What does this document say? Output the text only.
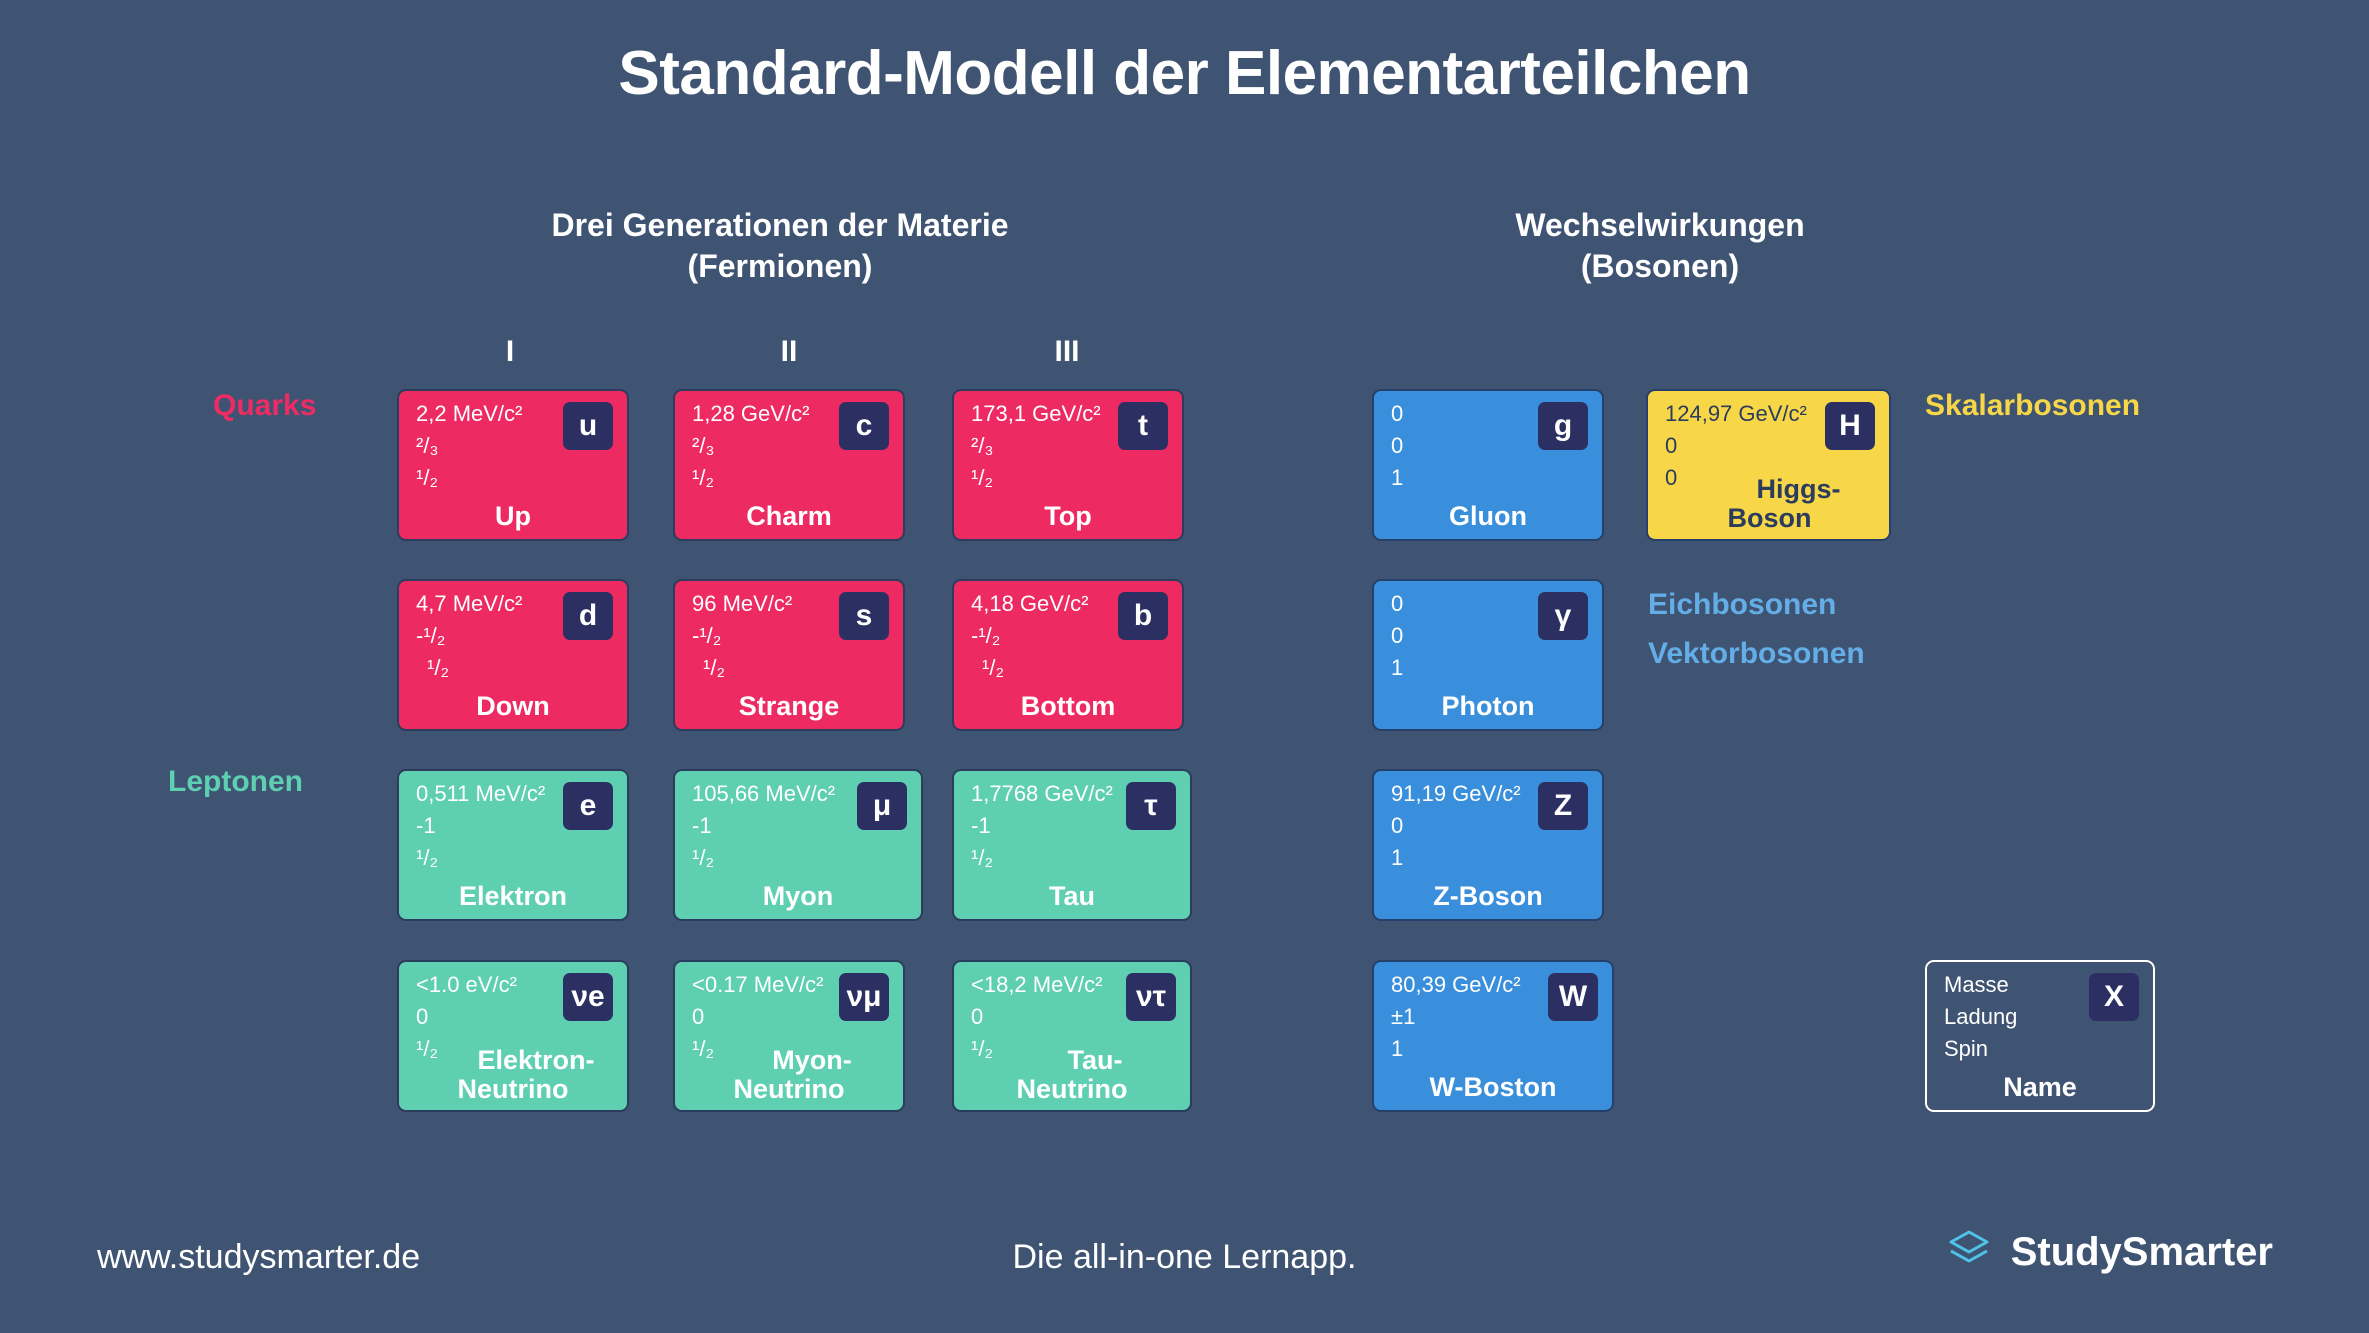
Standard-Modell der Elementarteilchen
Drei Generationen der Materie
(Fermionen)
Wechselwirkungen
(Bosonen)
I	II	III
Quarks
Leptonen
Skalarbosonen
Eichbosonen
Vektorbosonen
2,2 MeV/c²
²/₃
¹/₂
u
Up
1,28 GeV/c²
²/₃
¹/₂
c
Charm
173,1 GeV/c²
²/₃
¹/₂
t
Top
4,7 MeV/c²
-¹/₂
¹/₂
d
Down
96 MeV/c²
-¹/₂
¹/₂
s
Strange
4,18 GeV/c²
-¹/₂
¹/₂
b
Bottom
0,511 MeV/c²
-1
¹/₂
e
Elektron
105,66 MeV/c²
-1
¹/₂
μ
Myon
1,7768 GeV/c²
-1
¹/₂
τ
Tau
<1.0 eV/c²
0
¹/₂
νe
Elektron-
Neutrino
<0.17 MeV/c²
0
¹/₂
νμ
Myon-
Neutrino
<18,2 MeV/c²
0
¹/₂
ντ
Tau-
Neutrino
0
0
1
g
Gluon
0
0
1
γ
Photon
91,19 GeV/c²
0
1
Z
Z-Boson
80,39 GeV/c²
±1
1
W
W-Boston
124,97 GeV/c²
0
0
H
Higgs-
Boson
Masse
Ladung
Spin
X
Name
www.studysmarter.de	Die all-in-one Lernapp.	StudySmarter
